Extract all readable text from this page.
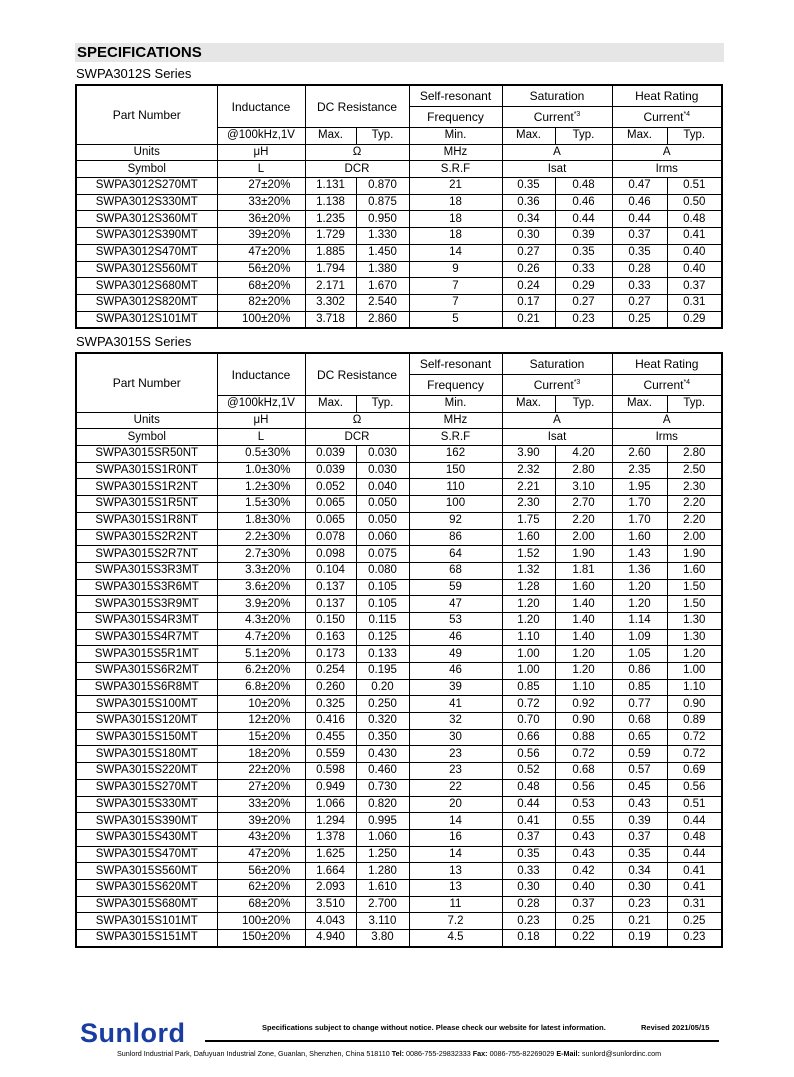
SPECIFICATIONS
SWPA3012S Series
Part Number	Inductance	DC Resistance		Self-resonant	Saturation		Heat Rating	
				Frequency	Current$^{*3}$		Current$^{*4}$
	@100kHz,1V	Max.	Typ.	Min.	Max.	Typ.	Max.	Typ.
Units	μH	Ω		MHz	A		A	
Symbol	L	DCR		S.R.F	Isat		Irms	
SWPA3012S270MT	27±20%	1.131	0.870	21	0.35	0.48	0.47	0.51
SWPA3012S330MT	33±20%	1.138	0.875	18	0.36	0.46	0.46	0.50
SWPA3012S360MT	36±20%	1.235	0.950	18	0.34	0.44	0.44	0.48
SWPA3012S390MT	39±20%	1.729	1.330	18	0.30	0.39	0.37	0.41
SWPA3012S470MT	47±20%	1.885	1.450	14	0.27	0.35	0.35	0.40
SWPA3012S560MT	56±20%	1.794	1.380	9	0.26	0.33	0.28	0.40
SWPA3012S680MT	68±20%	2.171	1.670	7	0.24	0.29	0.33	0.37
SWPA3012S820MT	82±20%	3.302	2.540	7	0.17	0.27	0.27	0.31
SWPA3012S101MT	100±20%	3.718	2.860	5	0.21	0.23	0.25	0.29
SWPA3015S Series
Part Number	Inductance	DC Resistance		Self-resonant	Saturation		Heat Rating	
				Frequency	Current$^{*3}$		Current$^{*4}$
	@100kHz,1V	Max.	Typ.	Min.	Max.	Typ.	Max.	Typ.
Units	μH	Ω		MHz	A		A	
Symbol	L	DCR		S.R.F	Isat		Irms	
SWPA3015SR50NT	0.5±30%	0.039	0.030	162	3.90	4.20	2.60	2.80
SWPA3015S1R0NT	1.0±30%	0.039	0.030	150	2.32	2.80	2.35	2.50
SWPA3015S1R2NT	1.2±30%	0.052	0.040	110	2.21	3.10	1.95	2.30
SWPA3015S1R5NT	1.5±30%	0.065	0.050	100	2.30	2.70	1.70	2.20
SWPA3015S1R8NT	1.8±30%	0.065	0.050	92	1.75	2.20	1.70	2.20
SWPA3015S2R2NT	2.2±30%	0.078	0.060	86	1.60	2.00	1.60	2.00
SWPA3015S2R7NT	2.7±30%	0.098	0.075	64	1.52	1.90	1.43	1.90
SWPA3015S3R3MT	3.3±20%	0.104	0.080	68	1.32	1.81	1.36	1.60
SWPA3015S3R6MT	3.6±20%	0.137	0.105	59	1.28	1.60	1.20	1.50
SWPA3015S3R9MT	3.9±20%	0.137	0.105	47	1.20	1.40	1.20	1.50
SWPA3015S4R3MT	4.3±20%	0.150	0.115	53	1.20	1.40	1.14	1.30
SWPA3015S4R7MT	4.7±20%	0.163	0.125	46	1.10	1.40	1.09	1.30
SWPA3015S5R1MT	5.1±20%	0.173	0.133	49	1.00	1.20	1.05	1.20
SWPA3015S6R2MT	6.2±20%	0.254	0.195	46	1.00	1.20	0.86	1.00
SWPA3015S6R8MT	6.8±20%	0.260	0.20	39	0.85	1.10	0.85	1.10
SWPA3015S100MT	10±20%	0.325	0.250	41	0.72	0.92	0.77	0.90
SWPA3015S120MT	12±20%	0.416	0.320	32	0.70	0.90	0.68	0.89
SWPA3015S150MT	15±20%	0.455	0.350	30	0.66	0.88	0.65	0.72
SWPA3015S180MT	18±20%	0.559	0.430	23	0.56	0.72	0.59	0.72
SWPA3015S220MT	22±20%	0.598	0.460	23	0.52	0.68	0.57	0.69
SWPA3015S270MT	27±20%	0.949	0.730	22	0.48	0.56	0.45	0.56
SWPA3015S330MT	33±20%	1.066	0.820	20	0.44	0.53	0.43	0.51
SWPA3015S390MT	39±20%	1.294	0.995	14	0.41	0.55	0.39	0.44
SWPA3015S430MT	43±20%	1.378	1.060	16	0.37	0.43	0.37	0.48
SWPA3015S470MT	47±20%	1.625	1.250	14	0.35	0.43	0.35	0.44
SWPA3015S560MT	56±20%	1.664	1.280	13	0.33	0.42	0.34	0.41
SWPA3015S620MT	62±20%	2.093	1.610	13	0.30	0.40	0.30	0.41
SWPA3015S680MT	68±20%	3.510	2.700	11	0.28	0.37	0.23	0.31
SWPA3015S101MT	100±20%	4.043	3.110	7.2	0.23	0.25	0.21	0.25
SWPA3015S151MT	150±20%	4.940	3.80	4.5	0.18	0.22	0.19	0.23
Sunlord	Specifications subject to change without notice. Please check our website for latest information.	Revised 2021/05/15
Sunlord Industrial Park, Dafuyuan Industrial Zone, Guanlan, Shenzhen, China 518110 Tel: 0086-755-29832333 Fax: 0086-755-82269029 E-Mail: sunlord@sunlordinc.com
